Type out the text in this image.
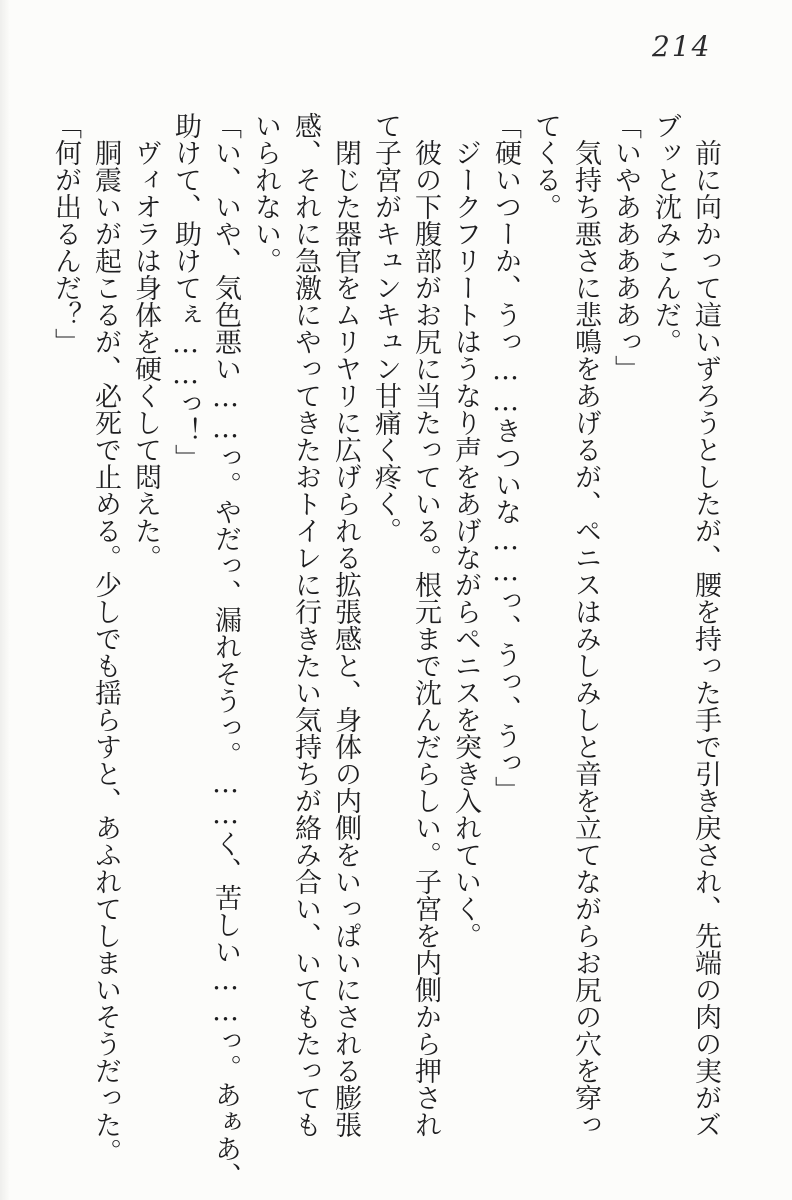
214

前に向かって這いずろうとしたが、腰を持った手で引き戻され、先端の肉の実がズ

ブッと沈みこんだ。

「いやあああああっ」

気持ち悪さに悲鳴をあげるが、ペニスはみしみしと音を立てながらお尻の穴を穿っ

てくる。

「硬いつーか、うっ……きついな……っ、うっ、うっ」

ジークフリートはうなり声をあげながらペニスを突き入れていく。

彼の下腹部がお尻に当たっている。根元まで沈んだらしい。子宮を内側から押され

て子宮がキュンキュン甘痛く疼く。

閉じた器官をムリヤリに広げられる拡張感と、身体の内側をいっぱいにされる膨張

感、それに急激にやってきたおトイレに行きたい気持ちが絡み合い、いてもたっても

いられない。

「い、いや、気色悪い……っ。やだっ、漏れそうっ。……く、苦しい……っ。あぁあ、

助けて、助けてぇ……っ！」

ヴィオラは身体を硬くして悶えた。

胴震いが起こるが、必死で止める。少しでも揺らすと、あふれてしまいそうだった。

「何が出るんだ？」
